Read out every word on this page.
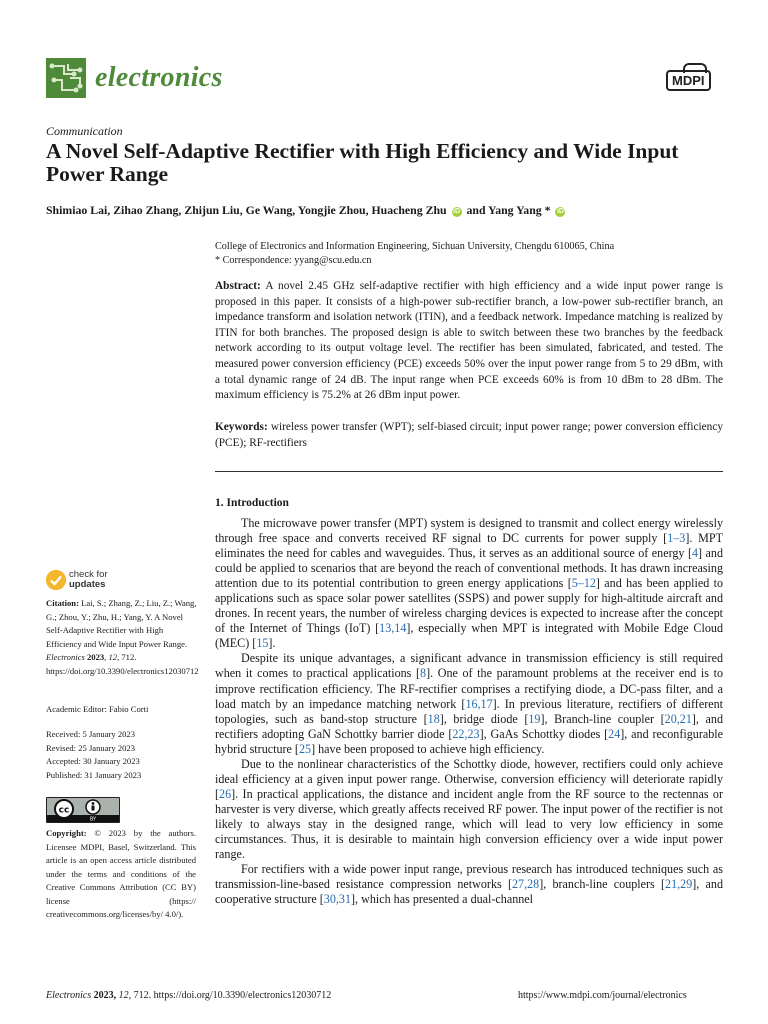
electronics	MDPI
Communication
A Novel Self-Adaptive Rectifier with High Efficiency and Wide Input Power Range
Shimiao Lai, Zihao Zhang, Zhijun Liu, Ge Wang, Yongjie Zhou, Huacheng Zhu iD and Yang Yang * iD
College of Electronics and Information Engineering, Sichuan University, Chengdu 610065, China
* Correspondence: yyang@scu.edu.cn
Abstract: A novel 2.45 GHz self-adaptive rectifier with high efficiency and a wide input power range is proposed in this paper. It consists of a high-power sub-rectifier branch, a low-power sub-rectifier branch, an impedance transform and isolation network (ITIN), and a feedback network. Impedance matching is realized by ITIN for both branches. The proposed design is able to switch between these two branches by the feedback network according to its output voltage level. The rectifier has been simulated, fabricated, and tested. The measured power conversion efficiency (PCE) exceeds 50% over the input power range from 5 to 29 dBm, with a total dynamic range of 24 dB. The input range when PCE exceeds 60% is from 10 dBm to 28 dBm. The maximum efficiency is 75.2% at 26 dBm input power.
Keywords: wireless power transfer (WPT); self-biased circuit; input power range; power conversion efficiency (PCE); RF-rectifiers
1. Introduction

The microwave power transfer (MPT) system is designed to transmit and collect energy wirelessly through free space and converts received RF signal to DC currents for power supply [1–3]. MPT eliminates the need for cables and waveguides. Thus, it serves as an additional source of energy [4] and could be applied to scenarios that are beyond the reach of conventional methods. It has drawn increasing attention due to its potential contribution to green energy applications [5–12] and has been applied to applications such as space solar power satellites (SSPS) and power supply for high-altitude aircraft and drones. In recent years, the number of wireless charging devices is expected to increase after the concept of the Internet of Things (IoT) [13,14], especially when MPT is integrated with Mobile Edge Cloud (MEC) [15].

Despite its unique advantages, a significant advance in transmission efficiency is still required when it comes to practical applications [8]. One of the paramount problems at the receiver end is to improve rectification efficiency. The RF-rectifier comprises a rectifying diode, a DC-pass filter, and a load match by an impedance matching network [16,17]. In previous literature, rectifiers of different topologies, such as band-stop structure [18], bridge diode [19], Branch-line coupler [20,21], and rectifiers adopting GaN Schottky barrier diode [22,23], GaAs Schottky diodes [24], and reconfigurable hybrid structure [25] have been proposed to achieve high efficiency.

Due to the nonlinear characteristics of the Schottky diode, however, rectifiers could only achieve ideal efficiency at a given input power range. Otherwise, conversion efficiency will deteriorate rapidly [26]. In practical applications, the distance and incident angle from the RF source to the rectennas or harvester is very diverse, which greatly affects received RF power. The input power of the rectifier is not likely to always stay in the designed range, which will lead to very low efficiency in some circumstances. Thus, it is desirable to maintain high conversion efficiency over a wide input power range.

For rectifiers with a wide power input range, previous research has introduced techniques such as transmission-line-based resistance compression networks [27,28], branch-line couplers [21,29], and cooperative structure [30,31], which has presented a dual-channel

check for
updates
Citation: Lai, S.; Zhang, Z.; Liu, Z.; Wang, G.; Zhou, Y.; Zhu, H.; Yang, Y. A Novel Self-Adaptive Rectifier with High Efficiency and Wide Input Power Range. Electronics 2023, 12, 712. https://doi.org/10.3390/electronics12030712
Academic Editor: Fabio Corti
Received: 5 January 2023
Revised: 25 January 2023
Accepted: 30 January 2023
Published: 31 January 2023
cc
BY
Copyright: © 2023 by the authors. Licensee MDPI, Basel, Switzerland. This article is an open access article distributed under the terms and conditions of the Creative Commons Attribution (CC BY) license (https:// creativecommons.org/licenses/by/ 4.0/).
Electronics 2023, 12, 712. https://doi.org/10.3390/electronics12030712	https://www.mdpi.com/journal/electronics
